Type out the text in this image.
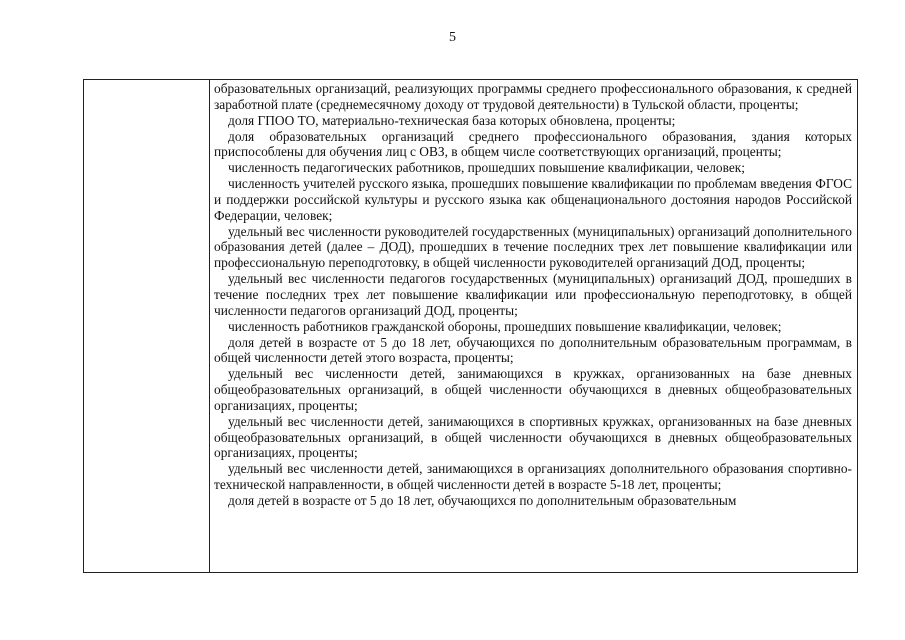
5

образовательных организаций, реализующих программы среднего профессионального образования, к средней заработной плате (среднемесячному доходу от трудовой деятельности) в Тульской области, проценты;

доля ГПОО ТО, материально-техническая база которых обновлена, проценты;

доля образовательных организаций среднего профессионального образования, здания которых приспособлены для обучения лиц с ОВЗ, в общем числе соответствующих организаций, проценты;

численность педагогических работников, прошедших повышение квалификации, человек;

численность учителей русского языка, прошедших повышение квалификации по проблемам введения ФГОС и поддержки российской культуры и русского языка как общенационального достояния народов Российской Федерации, человек;

удельный вес численности руководителей государственных (муниципальных) организаций дополнительного образования детей (далее – ДОД), прошедших в течение последних трех лет повышение квалификации или профессиональную переподготовку, в общей численности руководителей организаций ДОД, проценты;

удельный вес численности педагогов государственных (муниципальных) организаций ДОД, прошедших в течение последних трех лет повышение квалификации или профессиональную переподготовку, в общей численности педагогов организаций ДОД, проценты;

численность работников гражданской обороны, прошедших повышение квалификации, человек;

доля детей в возрасте от 5 до 18 лет, обучающихся по дополнительным образовательным программам, в общей численности детей этого возраста, проценты;

удельный вес численности детей, занимающихся в кружках, организованных на базе дневных общеобразовательных организаций, в общей численности обучающихся в дневных общеобразовательных организациях, проценты;

удельный вес численности детей, занимающихся в спортивных кружках, организованных на базе дневных общеобразовательных организаций, в общей численности обучающихся в дневных общеобразовательных организациях, проценты;

удельный вес численности детей, занимающихся в организациях дополнительного образования спортивно-технической направленности, в общей численности детей в возрасте 5-18 лет, проценты;

доля детей в возрасте от 5 до 18 лет, обучающихся по дополнительным образовательным
